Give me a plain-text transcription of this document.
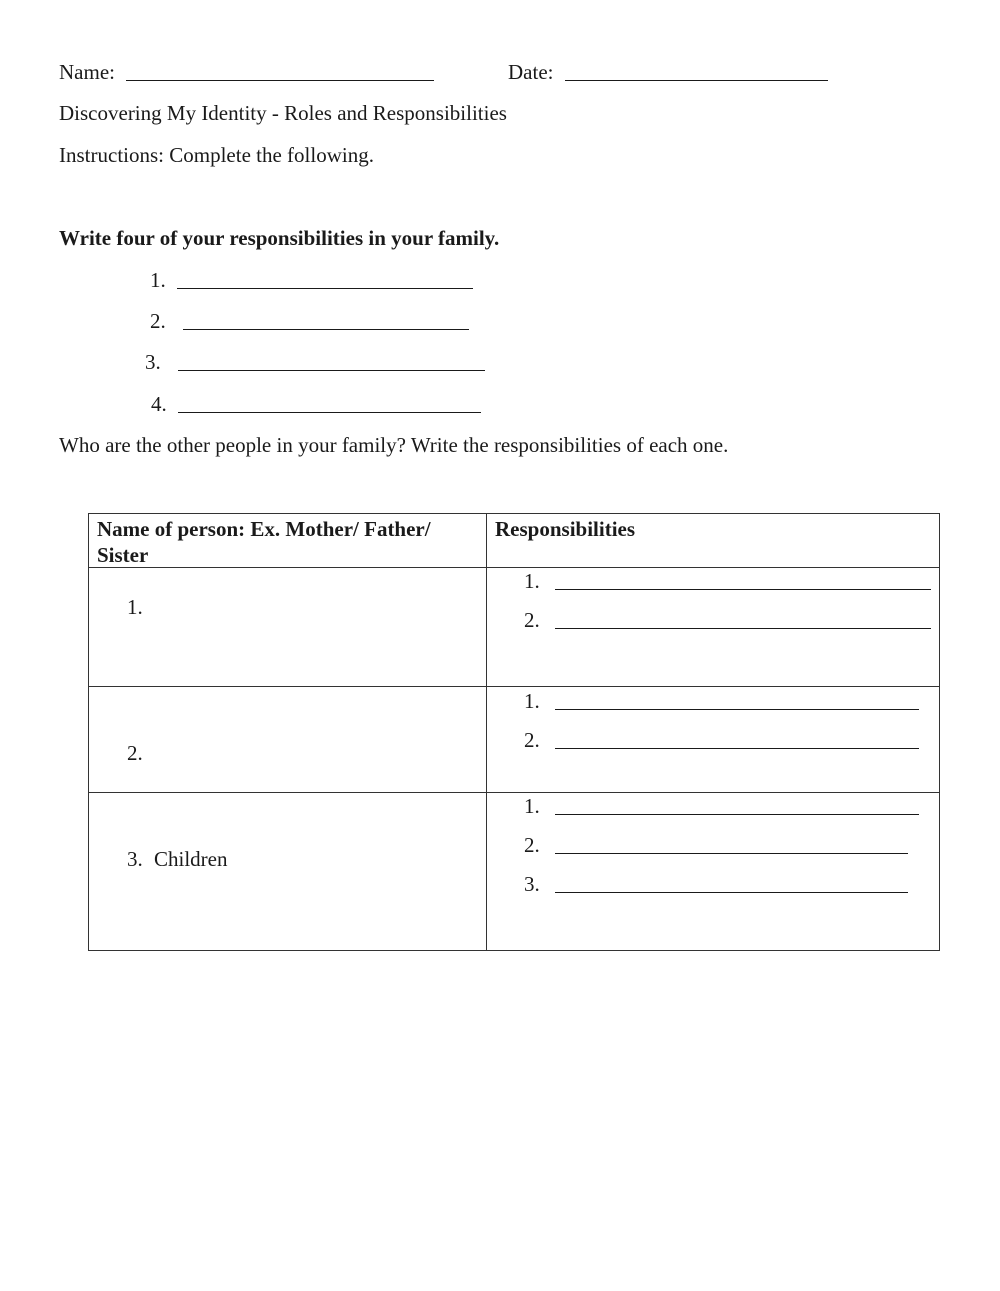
Name:	Date:
Discovering My Identity - Roles and Responsibilities
Instructions: Complete the following.
Write four of your responsibilities in your family.
1.
2.
3.
4.
Who are the other people in your family? Write the responsibilities of each one.
Name of person: Ex. Mother/ Father/
Sister
Responsibilities
1.
1.
2.
2.
1.
2.
3. Children
1.
2.
3.
